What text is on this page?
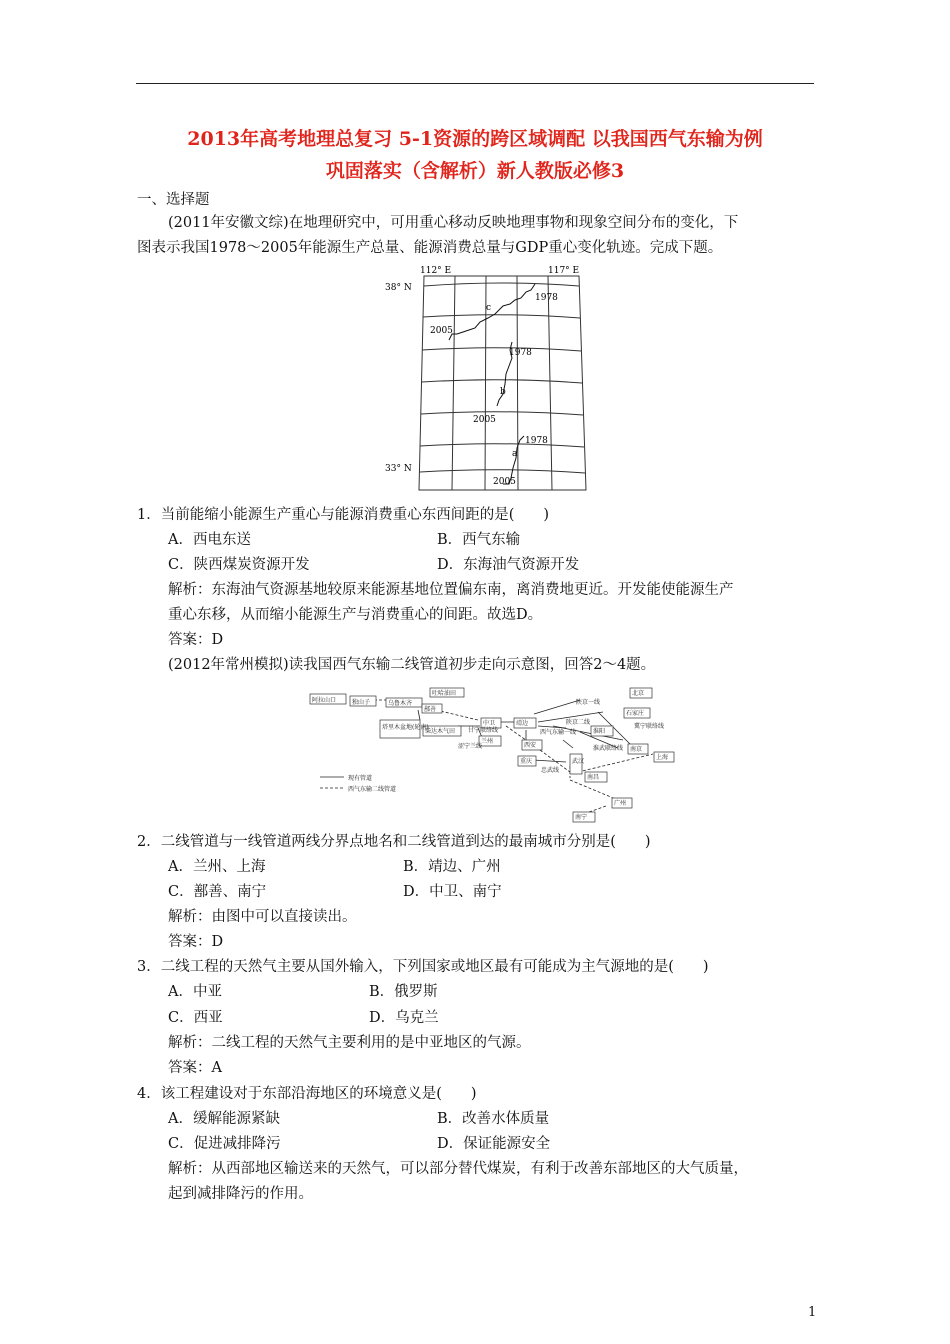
2013年高考地理总复习 5-1资源的跨区域调配 以我国西气东输为例
巩固落实（含解析）新人教版必修3
一、选择题
(2011年安徽文综)在地理研究中，可用重心移动反映地理事物和现象空间分布的变化，下
图表示我国1978～2005年能源生产总量、能源消费总量与GDP重心变化轨迹。完成下题。
112° E	117° E
38° N
33° N
1978
c
2005
1978
b
2005
1978
a
2005
1．当前能缩小能源生产重心与能源消费重心东西间距的是(　　)
A．西电东送	B．西气东输
C．陕西煤炭资源开发	D．东海油气资源开发
解析：东海油气资源基地较原来能源基地位置偏东南，离消费地更近。开发能使能源生产
重心东移，从而缩小能源生产与消费重心的间距。故选D。
答案：D
(2012年常州模拟)读我国西气东输二线管道初步走向示意图，回答2～4题。
阿拉山口	独山子	乌鲁木齐
吐哈油田
鄯善
塔里木盆地(轮南)
柴达木气田
中卫	靖边
北京
石家庄
陕京一线
陕京二线
西气东输一线
冀宁联络线
淮阳
南京
上海
西安
重庆
忠武线
武汉
南昌
南宁
广州
涩宁兰线
兰州
甘宁联络线
淮武联络线
现有管道
西气东输二线管道
2．二线管道与一线管道两线分界点地名和二线管道到达的最南城市分别是(　　)
A．兰州、上海	B．靖边、广州
C．鄯善、南宁	D．中卫、南宁
解析：由图中可以直接读出。
答案：D
3．二线工程的天然气主要从国外输入，下列国家或地区最有可能成为主气源地的是(　　)
A．中亚	B．俄罗斯
C．西亚	D．乌克兰
解析：二线工程的天然气主要利用的是中亚地区的气源。
答案：A
4．该工程建设对于东部沿海地区的环境意义是(　　)
A．缓解能源紧缺	B．改善水体质量
C．促进减排降污	D．保证能源安全
解析：从西部地区输送来的天然气，可以部分替代煤炭，有利于改善东部地区的大气质量，
起到减排降污的作用。
1
